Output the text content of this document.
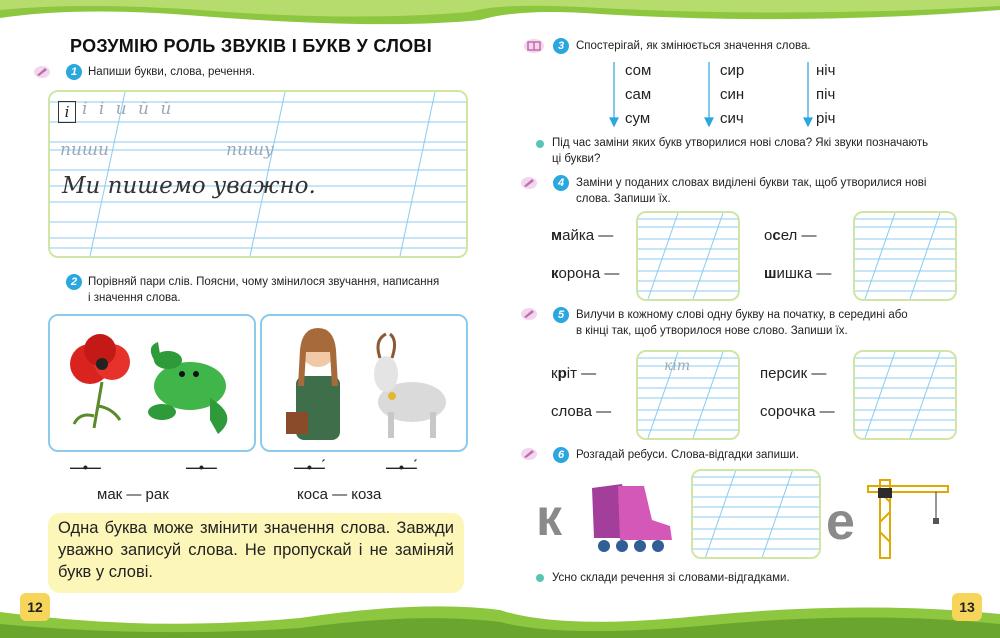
РОЗУМІЮ РОЛЬ ЗВУКІВ І БУКВ У СЛОВІ
1 Напиши букви, слова, речення.
і і і и й й
пиши	пишу
Ми пишемо уважно.
2 Порівняй пари слів. Поясни, чому змінилося звучання, написання
і значення слова.
—•—	—•—	—•—́	—•—́
мак — рак	коса — коза
Одна буква може змінити значення слова. Завжди уважно записуй слова. Не пропускай і не заміняй букв у слові.
12
3	Спостерігай, як змінюється значення слова.
сом
сам
сум
сир
син
сич
ніч
піч
річ
Під час заміни яких букв утворилися нові слова? Які звуки позначають
ці букви?
4	Заміни у поданих словах виділені букви так, щоб утворилися нові
слова. Запиши їх.
майка —	осел —
корона —	шишка —
5	Вилучи в кожному слові одну букву на початку, в середині або
в кінці так, щоб утворилося нове слово. Запиши їх.
кріт —	персик —
слова —	сорочка —
кіт
6	Розгадай ребуси. Слова-відгадки запиши.
к	е
Усно склади речення зі словами-відгадками.
13
